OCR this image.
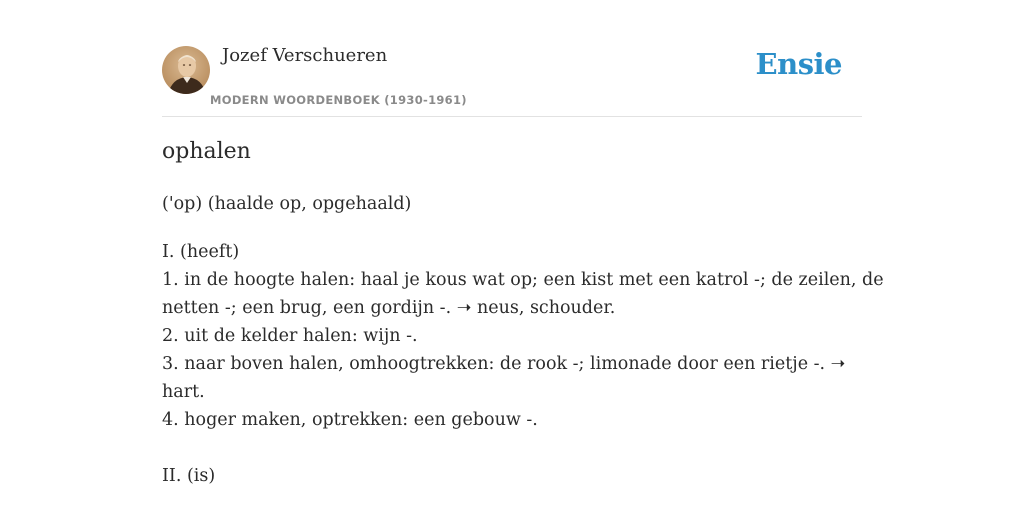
Jozef Verschueren
MODERN WOORDENBOEK (1930-1961)
Ensie
ophalen
('op) (haalde op, opgehaald)
I. (heeft)
1. in de hoogte halen: haal je kous wat op; een kist met een katrol -; de zeilen, de
netten -; een brug, een gordijn -. ➝ neus, schouder.
2. uit de kelder halen: wijn -.
3. naar boven halen, omhoogtrekken: de rook -; limonade door een rietje -. ➝
hart.
4. hoger maken, optrekken: een gebouw -.
II. (is)
